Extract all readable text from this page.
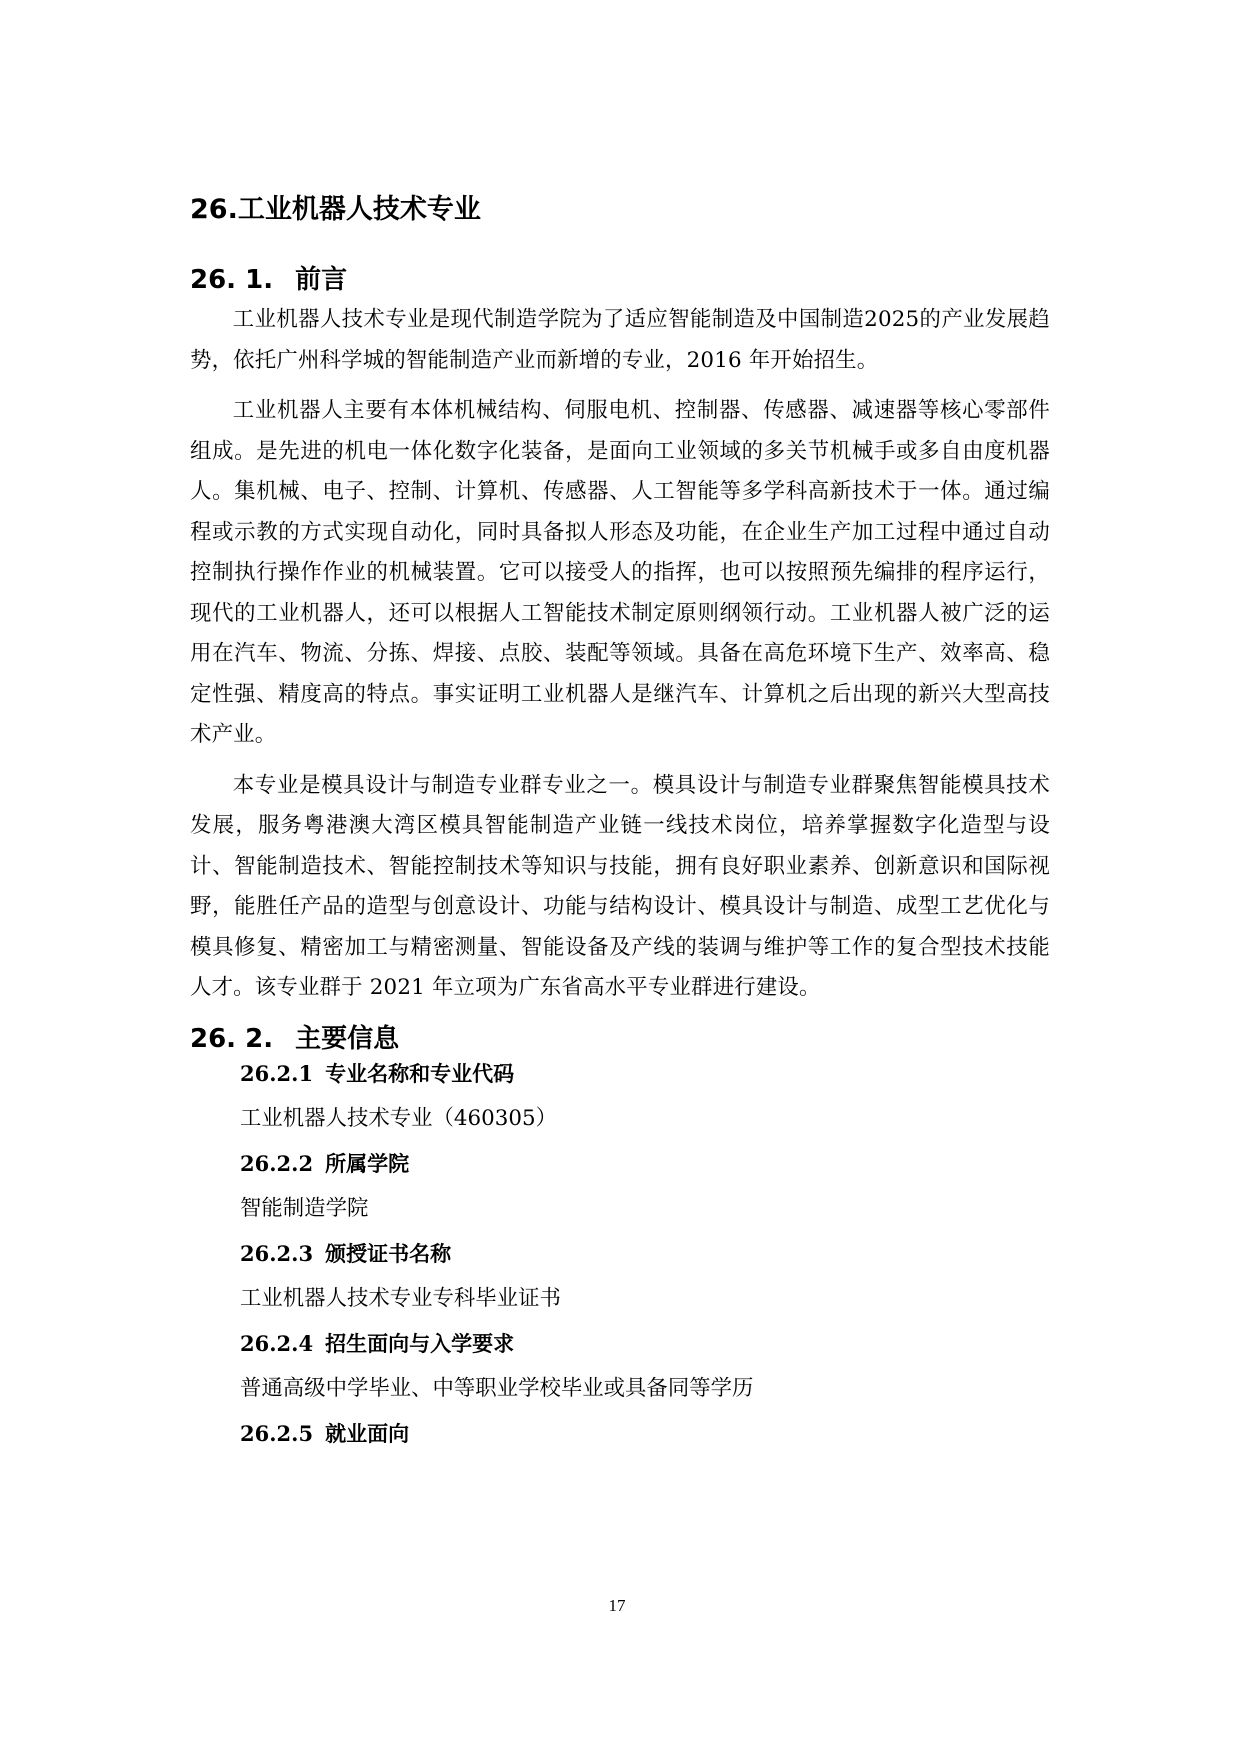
26.工业机器人技术专业
26. 1. 前言

工业机器人技术专业是现代制造学院为了适应智能制造及中国制造2025的产业发展趋势，依托广州科学城的智能制造产业而新增的专业，2016 年开始招生。

工业机器人主要有本体机械结构、伺服电机、控制器、传感器、减速器等核心零部件组成。是先进的机电一体化数字化装备，是面向工业领域的多关节机械手或多自由度机器人。集机械、电子、控制、计算机、传感器、人工智能等多学科高新技术于一体。通过编程或示教的方式实现自动化，同时具备拟人形态及功能，在企业生产加工过程中通过自动控制执行操作作业的机械装置。它可以接受人的指挥，也可以按照预先编排的程序运行，现代的工业机器人，还可以根据人工智能技术制定原则纲领行动。工业机器人被广泛的运用在汽车、物流、分拣、焊接、点胶、装配等领域。具备在高危环境下生产、效率高、稳定性强、精度高的特点。事实证明工业机器人是继汽车、计算机之后出现的新兴大型高技术产业。

本专业是模具设计与制造专业群专业之一。模具设计与制造专业群聚焦智能模具技术发展，服务粤港澳大湾区模具智能制造产业链一线技术岗位，培养掌握数字化造型与设计、智能制造技术、智能控制技术等知识与技能，拥有良好职业素养、创新意识和国际视野，能胜任产品的造型与创意设计、功能与结构设计、模具设计与制造、成型工艺优化与模具修复、精密加工与精密测量、智能设备及产线的装调与维护等工作的复合型技术技能人才。该专业群于 2021 年立项为广东省高水平专业群进行建设。

26. 2. 主要信息
26.2.1 专业名称和专业代码
工业机器人技术专业（460305）
26.2.2 所属学院
智能制造学院
26.2.3 颁授证书名称
工业机器人技术专业专科毕业证书
26.2.4 招生面向与入学要求
普通高级中学毕业、中等职业学校毕业或具备同等学历
26.2.5 就业面向
17
